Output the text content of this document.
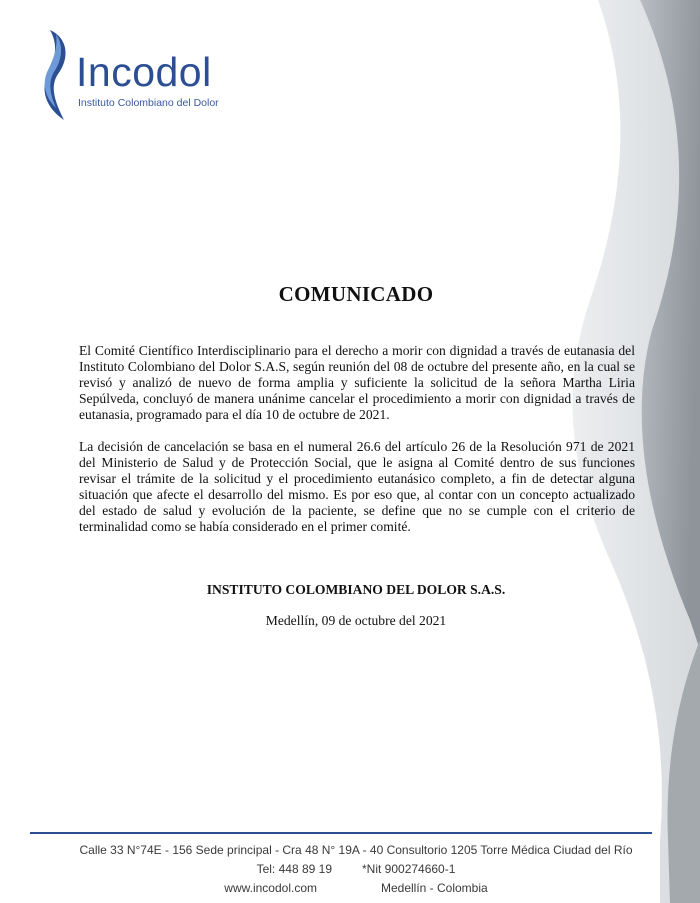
Incodol
Instituto Colombiano del Dolor
COMUNICADO

El Comité Científico Interdisciplinario para el derecho a morir con dignidad a través de eutanasia del Instituto Colombiano del Dolor S.A.S, según reunión del 08 de octubre del presente año, en la cual se revisó y analizó de nuevo de forma amplia y suficiente la solicitud de la señora Martha Liria Sepúlveda, concluyó de manera unánime cancelar el procedimiento a morir con dignidad a través de eutanasia, programado para el día 10 de octubre de 2021.

La decisión de cancelación se basa en el numeral 26.6 del artículo 26 de la Resolución 971 de 2021 del Ministerio de Salud y de Protección Social, que le asigna al Comité dentro de sus funciones revisar el trámite de la solicitud y el procedimiento eutanásico completo, a fin de detectar alguna situación que afecte el desarrollo del mismo. Es por eso que, al contar con un concepto actualizado del estado de salud y evolución de la paciente, se define que no se cumple con el criterio de terminalidad como se había considerado en el primer comité.

INSTITUTO COLOMBIANO DEL DOLOR S.A.S.
Medellín, 09 de octubre del 2021
Calle 33 N°74E - 156 Sede principal - Cra 48 N° 19A - 40 Consultorio 1205 Torre Médica Ciudad del Río
Tel: 448 89 19	*Nit 900274660-1
www.incodol.com	Medellín - Colombia
